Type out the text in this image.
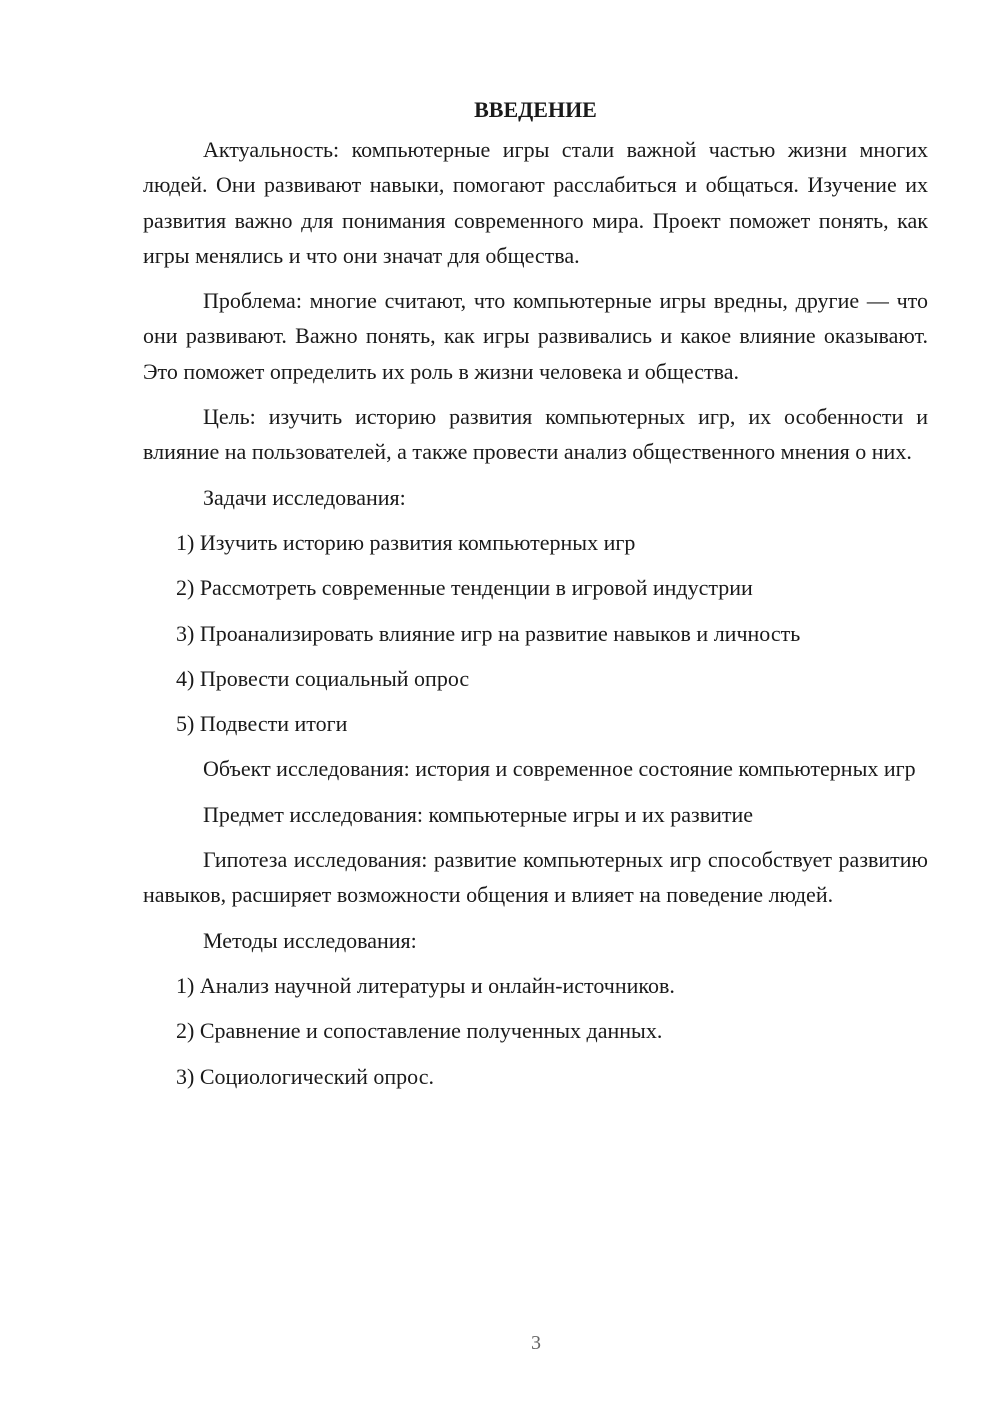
ВВЕДЕНИЕ

Актуальность: компьютерные игры стали важной частью жизни многих людей. Они развивают навыки, помогают расслабиться и общаться. Изучение их развития важно для понимания современного мира. Проект поможет понять, как игры менялись и что они значат для общества.

Проблема: многие считают, что компьютерные игры вредны, другие — что они развивают. Важно понять, как игры развивались и какое влияние оказывают. Это поможет определить их роль в жизни человека и общества.

Цель: изучить историю развития компьютерных игр, их особенности и влияние на пользователей, а также провести анализ общественного мнения о них.

Задачи исследования:

1) Изучить историю развития компьютерных игр
2) Рассмотреть современные тенденции в игровой индустрии
3) Проанализировать влияние игр на развитие навыков и личность
4) Провести социальный опрос
5) Подвести итоги

Объект исследования: история и современное состояние компьютерных игр

Предмет исследования: компьютерные игры и их развитие

Гипотеза исследования: развитие компьютерных игр способствует развитию навыков, расширяет возможности общения и влияет на поведение людей.

Методы исследования:

1) Анализ научной литературы и онлайн-источников.
2) Сравнение и сопоставление полученных данных.
3) Социологический опрос.
3
